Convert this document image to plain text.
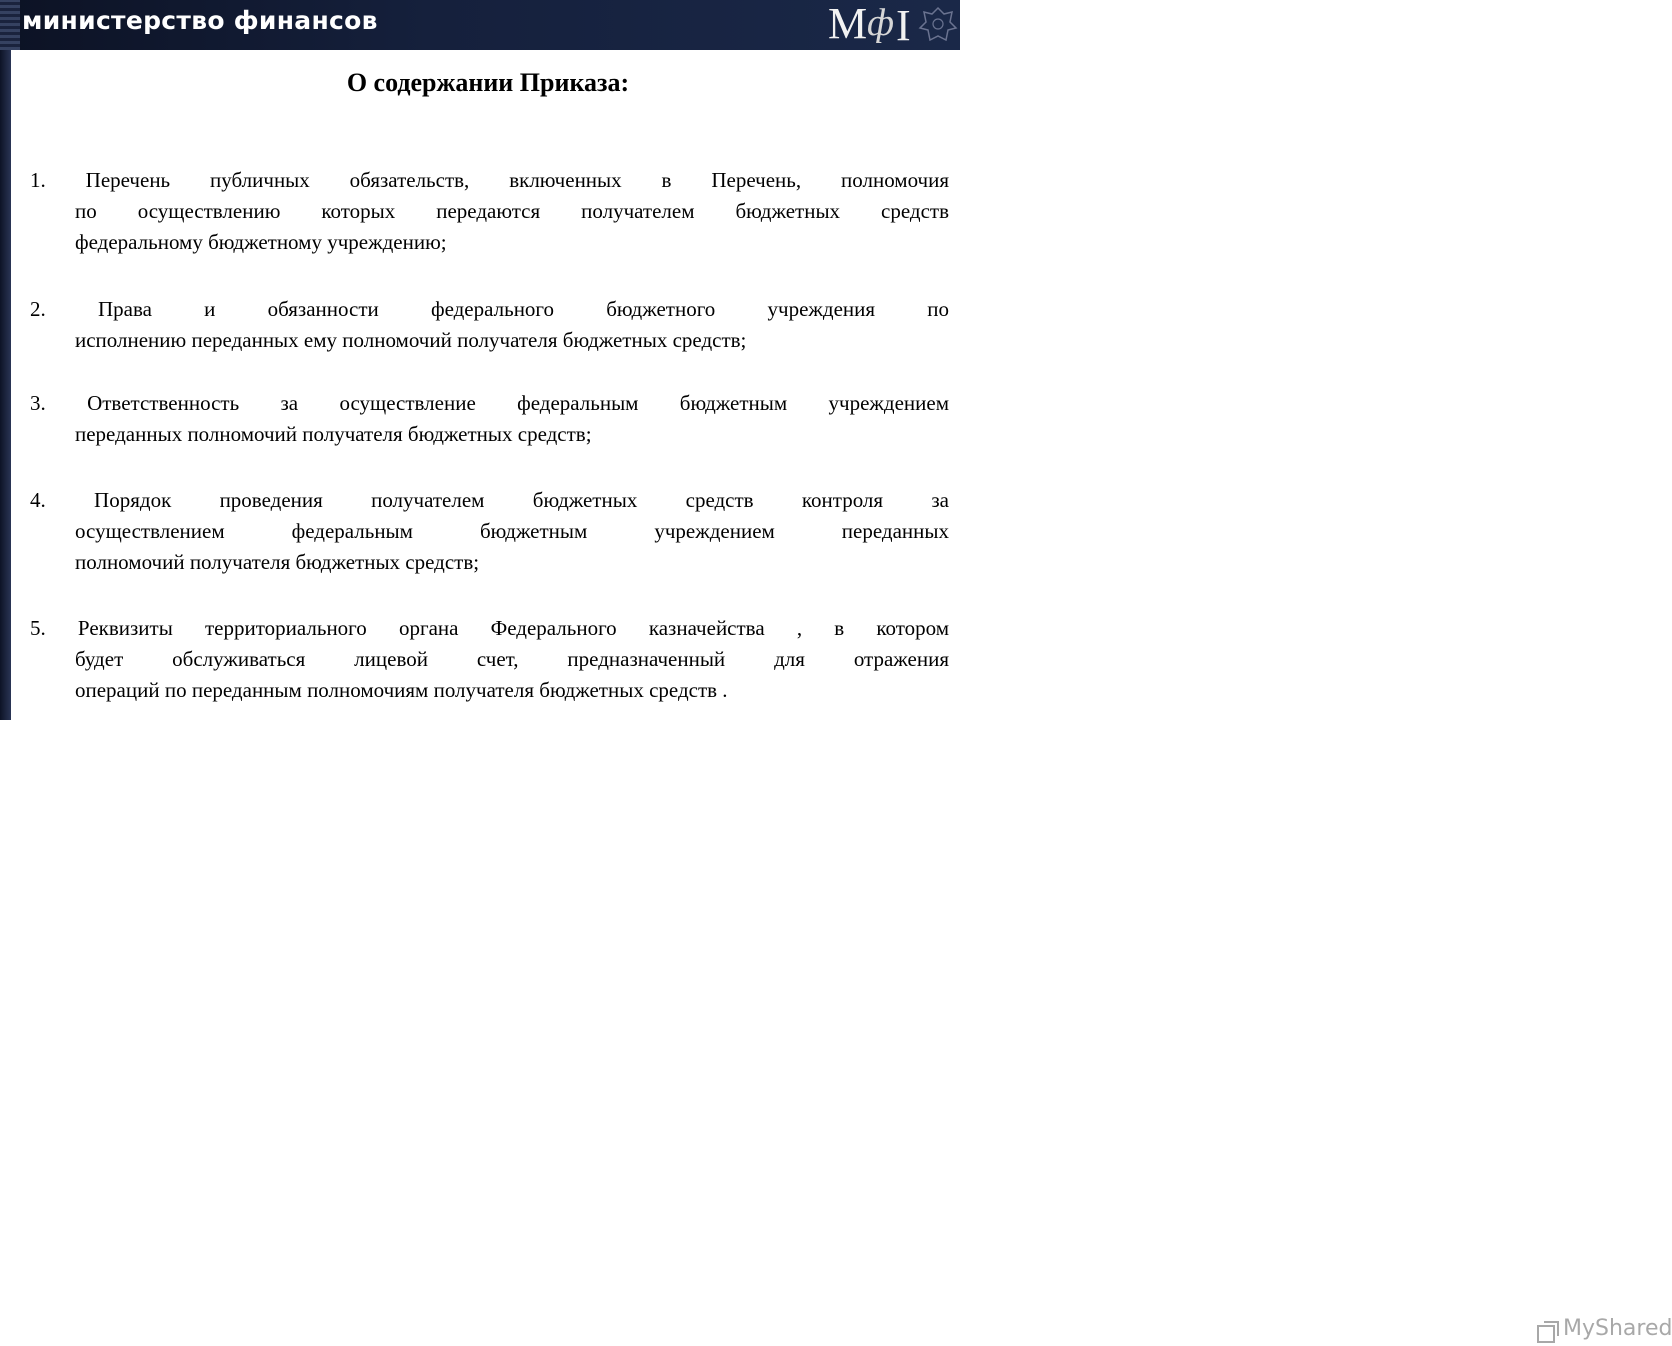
министерство финансов	М ф I
О содержании Приказа:
1. Перечень публичных обязательств, включенных в Перечень, полномочия
по осуществлению которых передаются получателем бюджетных средств
федеральному бюджетному учреждению;
2. Права и обязанности федерального бюджетного учреждения по
исполнению переданных ему полномочий получателя бюджетных средств;
3. Ответственность за осуществление федеральным бюджетным учреждением
переданных полномочий получателя бюджетных средств;
4. Порядок проведения получателем бюджетных средств контроля за
осуществлением федеральным бюджетным учреждением переданных
полномочий получателя бюджетных средств;
5. Реквизиты территориального органа Федерального казначейства , в котором
будет обслуживаться лицевой счет, предназначенный для отражения
операций по переданным полномочиям получателя бюджетных средств .
MyShared
